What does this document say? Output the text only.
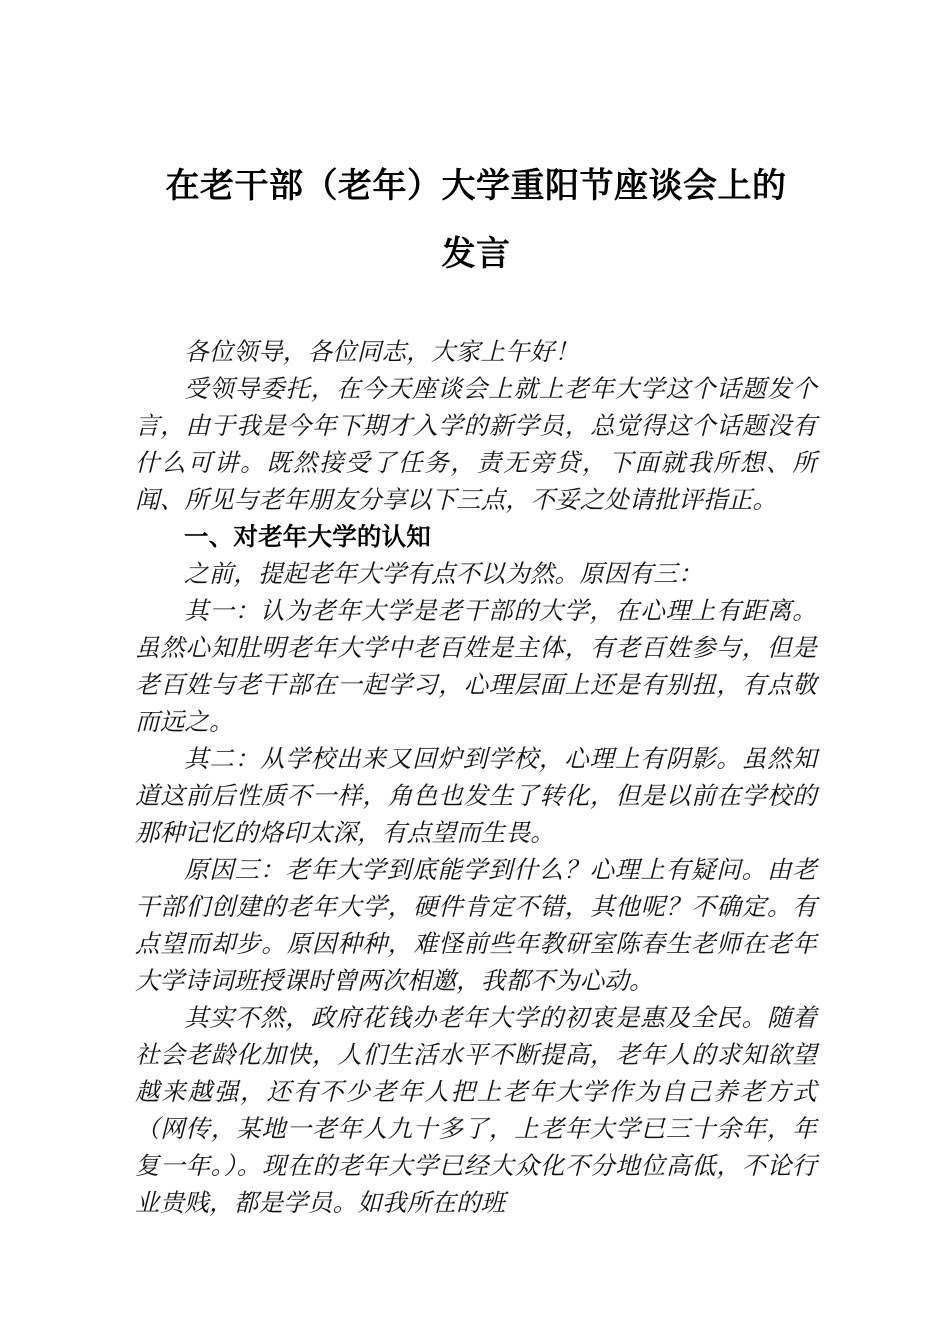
在老干部（老年）大学重阳节座谈会上的
发言

各位领导，各位同志，大家上午好！

受领导委托，在今天座谈会上就上老年大学这个话题发个言，由于我是今年下期才入学的新学员，总觉得这个话题没有什么可讲。既然接受了任务，责无旁贷，下面就我所想、所闻、所见与老年朋友分享以下三点，不妥之处请批评指正。

一、对老年大学的认知

之前，提起老年大学有点不以为然。原因有三：

其一：认为老年大学是老干部的大学，在心理上有距离。虽然心知肚明老年大学中老百姓是主体，有老百姓参与，但是老百姓与老干部在一起学习，心理层面上还是有别扭，有点敬而远之。

其二：从学校出来又回炉到学校，心理上有阴影。虽然知道这前后性质不一样，角色也发生了转化，但是以前在学校的那种记忆的烙印太深，有点望而生畏。

原因三：老年大学到底能学到什么？心理上有疑问。由老干部们创建的老年大学，硬件肯定不错，其他呢？不确定。有点望而却步。原因种种，难怪前些年教研室陈春生老师在老年大学诗词班授课时曾两次相邀，我都不为心动。

其实不然，政府花钱办老年大学的初衷是惠及全民。随着社会老龄化加快，人们生活水平不断提高，老年人的求知欲望越来越强，还有不少老年人把上老年大学作为自己养老方式（网传，某地一老年人九十多了，上老年大学已三十余年，年复一年。）。现在的老年大学已经大众化不分地位高低，不论行业贵贱，都是学员。如我所在的班
